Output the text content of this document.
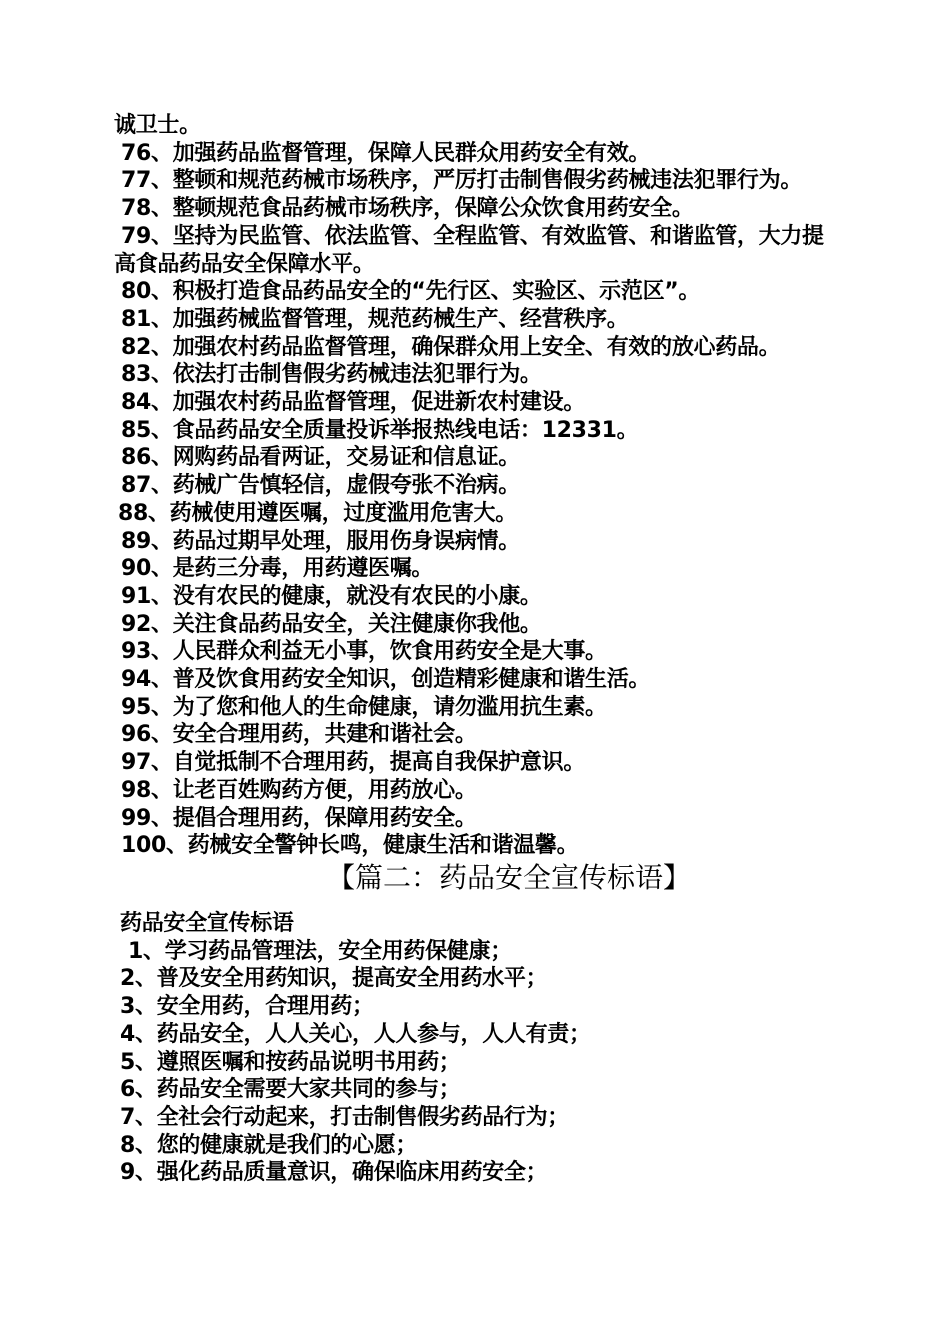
诚卫士。
76、加强药品监督管理，保障人民群众用药安全有效。
77、整顿和规范药械市场秩序，严厉打击制售假劣药械违法犯罪行为。
78、整顿规范食品药械市场秩序，保障公众饮食用药安全。
79、坚持为民监管、依法监管、全程监管、有效监管、和谐监管，大力提高食品药品安全保障水平。
80、积极打造食品药品安全的“先行区、实验区、示范区”。
81、加强药械监督管理，规范药械生产、经营秩序。
82、加强农村药品监督管理，确保群众用上安全、有效的放心药品。
83、依法打击制售假劣药械违法犯罪行为。
84、加强农村药品监督管理，促进新农村建设。
85、食品药品安全质量投诉举报热线电话：12331。
86、网购药品看两证，交易证和信息证。
87、药械广告慎轻信，虚假夸张不治病。
88、药械使用遵医嘱，过度滥用危害大。
89、药品过期早处理，服用伤身误病情。
90、是药三分毒，用药遵医嘱。
91、没有农民的健康，就没有农民的小康。
92、关注食品药品安全，关注健康你我他。
93、人民群众利益无小事，饮食用药安全是大事。
94、普及饮食用药安全知识，创造精彩健康和谐生活。
95、为了您和他人的生命健康，请勿滥用抗生素。
96、安全合理用药，共建和谐社会。
97、自觉抵制不合理用药，提高自我保护意识。
98、让老百姓购药方便，用药放心。
99、提倡合理用药，保障用药安全。
100、药械安全警钟长鸣，健康生活和谐温馨。
【篇二：药品安全宣传标语】
药品安全宣传标语
1、学习药品管理法，安全用药保健康；
2、普及安全用药知识，提高安全用药水平；
3、安全用药，合理用药；
4、药品安全，人人关心，人人参与，人人有责；
5、遵照医嘱和按药品说明书用药；
6、药品安全需要大家共同的参与；
7、全社会行动起来，打击制售假劣药品行为；
8、您的健康就是我们的心愿；
9、强化药品质量意识，确保临床用药安全；
